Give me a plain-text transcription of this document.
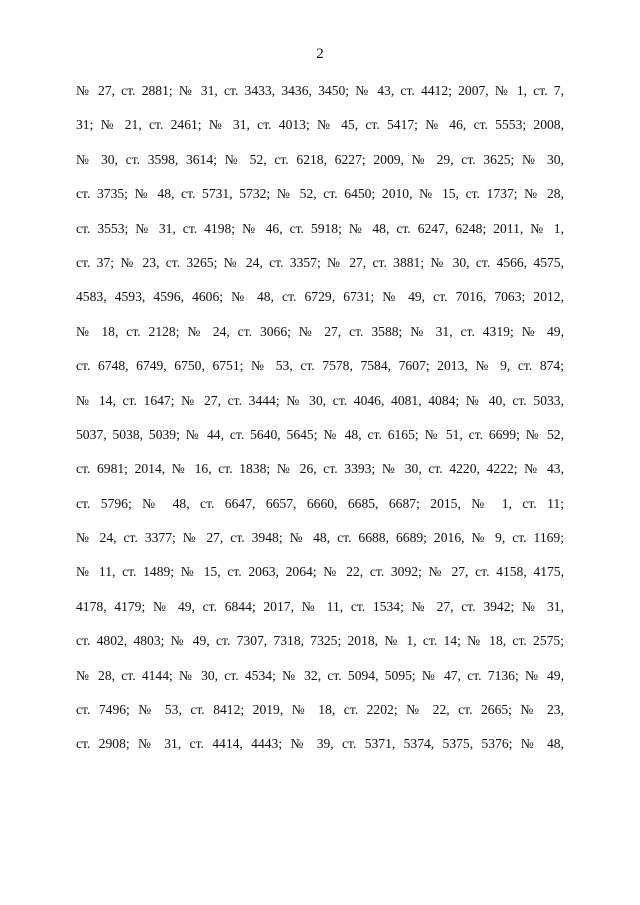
2
№ 27, ст. 2881; № 31, ст. 3433, 3436, 3450; № 43, ст. 4412; 2007, № 1, ст. 7,
31; № 21, ст. 2461; № 31, ст. 4013; № 45, ст. 5417; № 46, ст. 5553; 2008,
№ 30, ст. 3598, 3614; № 52, ст. 6218, 6227; 2009, № 29, ст. 3625; № 30,
ст. 3735; № 48, ст. 5731, 5732; № 52, ст. 6450; 2010, № 15, ст. 1737; № 28,
ст. 3553; № 31, ст. 4198; № 46, ст. 5918; № 48, ст. 6247, 6248; 2011, № 1,
ст. 37; № 23, ст. 3265; № 24, ст. 3357; № 27, ст. 3881; № 30, ст. 4566, 4575,
4583, 4593, 4596, 4606; № 48, ст. 6729, 6731; № 49, ст. 7016, 7063; 2012,
№ 18, ст. 2128; № 24, ст. 3066; № 27, ст. 3588; № 31, ст. 4319; № 49,
ст. 6748, 6749, 6750, 6751; № 53, ст. 7578, 7584, 7607; 2013, № 9, ст. 874;
№ 14, ст. 1647; № 27, ст. 3444; № 30, ст. 4046, 4081, 4084; № 40, ст. 5033,
5037, 5038, 5039; № 44, ст. 5640, 5645; № 48, ст. 6165; № 51, ст. 6699; № 52,
ст. 6981; 2014, № 16, ст. 1838; № 26, ст. 3393; № 30, ст. 4220, 4222; № 43,
ст. 5796; № 48, ст. 6647, 6657, 6660, 6685, 6687; 2015, № 1, ст. 11;
№ 24, ст. 3377; № 27, ст. 3948; № 48, ст. 6688, 6689; 2016, № 9, ст. 1169;
№ 11, ст. 1489; № 15, ст. 2063, 2064; № 22, ст. 3092; № 27, ст. 4158, 4175,
4178, 4179; № 49, ст. 6844; 2017, № 11, ст. 1534; № 27, ст. 3942; № 31,
ст. 4802, 4803; № 49, ст. 7307, 7318, 7325; 2018, № 1, ст. 14; № 18, ст. 2575;
№ 28, ст. 4144; № 30, ст. 4534; № 32, ст. 5094, 5095; № 47, ст. 7136; № 49,
ст. 7496; № 53, ст. 8412; 2019, № 18, ст. 2202; № 22, ст. 2665; № 23,
ст. 2908; № 31, ст. 4414, 4443; № 39, ст. 5371, 5374, 5375, 5376; № 48,
